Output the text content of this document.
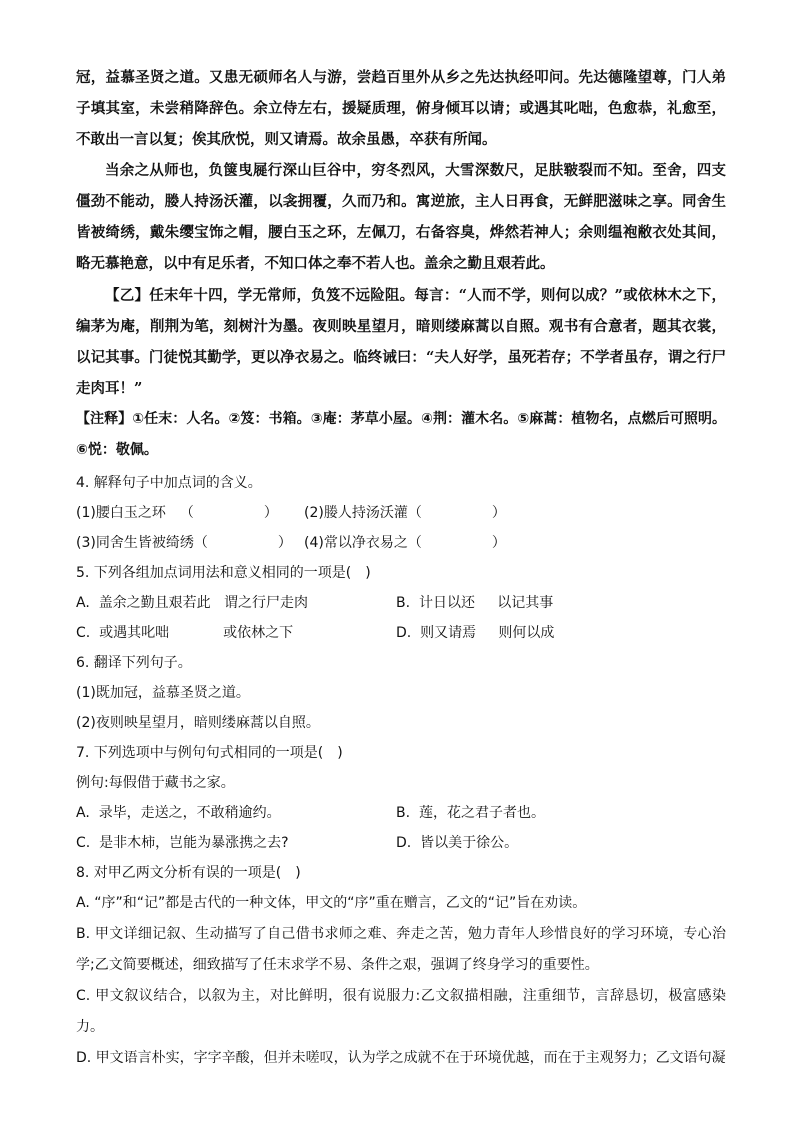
冠，益慕圣贤之道。又患无硕师名人与游，尝趋百里外从乡之先达执经叩问。先达德隆望尊，门人弟子填其室，未尝稍降辞色。余立侍左右，援疑质理，俯身倾耳以请；或遇其叱咄，色愈恭，礼愈至，不敢出一言以复；俟其欣悦，则又请焉。故余虽愚，卒获有所闻。

当余之从师也，负箧曳屣行深山巨谷中，穷冬烈风，大雪深数尺，足肤皲裂而不知。至舍，四支僵劲不能动，媵人持汤沃灌，以衾拥覆，久而乃和。寓逆旅，主人日再食，无鲜肥滋味之享。同舍生皆被绮绣，戴朱缨宝饰之帽，腰白玉之环，左佩刀，右备容臭，烨然若神人；余则缊袍敝衣处其间，略无慕艳意，以中有足乐者，不知口体之奉不若人也。盖余之勤且艰若此。

【乙】任末年十四，学无常师，负笈不远险阻。每言：“人而不学，则何以成？”或依林木之下，编茅为庵，削荆为笔，刻树汁为墨。夜则映星望月，暗则缕麻蒿以自照。观书有合意者，题其衣裳，以记其事。门徒悦其勤学，更以净衣易之。临终诫曰：“夫人好学，虽死若存；不学者虽存，谓之行尸走肉耳！”

【注释】①任末：人名。②笈：书箱。③庵：茅草小屋。④荆：灌木名。⑤麻蒿：植物名，点燃后可照明。⑥悦：敬佩。

4. 解释句子中加点词的含义。

(1)腰白玉之环 （　　　　　） (2)媵人持汤沃灌（　　　　　）
(3)同舍生皆被绮绣（　　　　　） (4)常以净衣易之（　　　　　）

5. 下列各组加点词用法和意义相同的一项是(　)

A. 盖余之勤且艰若此 谓之行尸走肉	B. 计日以还 以记其事
C. 或遇其叱咄	或依林之下	D. 则又请焉 则何以成

6. 翻译下列句子。

(1)既加冠，益慕圣贤之道。

(2)夜则映星望月，暗则缕麻蒿以自照。

7. 下列选项中与例句句式相同的一项是(　)

例句:每假借于藏书之家。

A. 录毕，走送之，不敢稍逾约。	B. 莲，花之君子者也。
C. 是非木柿，岂能为暴涨携之去?	D. 皆以美于徐公。

8. 对甲乙两文分析有误的一项是(　)

A. “序”和“记”都是古代的一种文体，甲文的“序”重在赠言，乙文的“记”旨在劝读。

B. 甲文详细记叙、生动描写了自己借书求师之难、奔走之苦，勉力青年人珍惜良好的学习环境，专心治学;乙文简要概述，细致描写了任末求学不易、条件之艰，强调了终身学习的重要性。

C. 甲文叙议结合，以叙为主，对比鲜明，很有说服力:乙文叙描相融，注重细节，言辞恳切，极富感染力。

D. 甲文语言朴实，字字辛酸，但并未嗟叹，认为学之成就不在于环境优越，而在于主观努力；乙文语句凝
